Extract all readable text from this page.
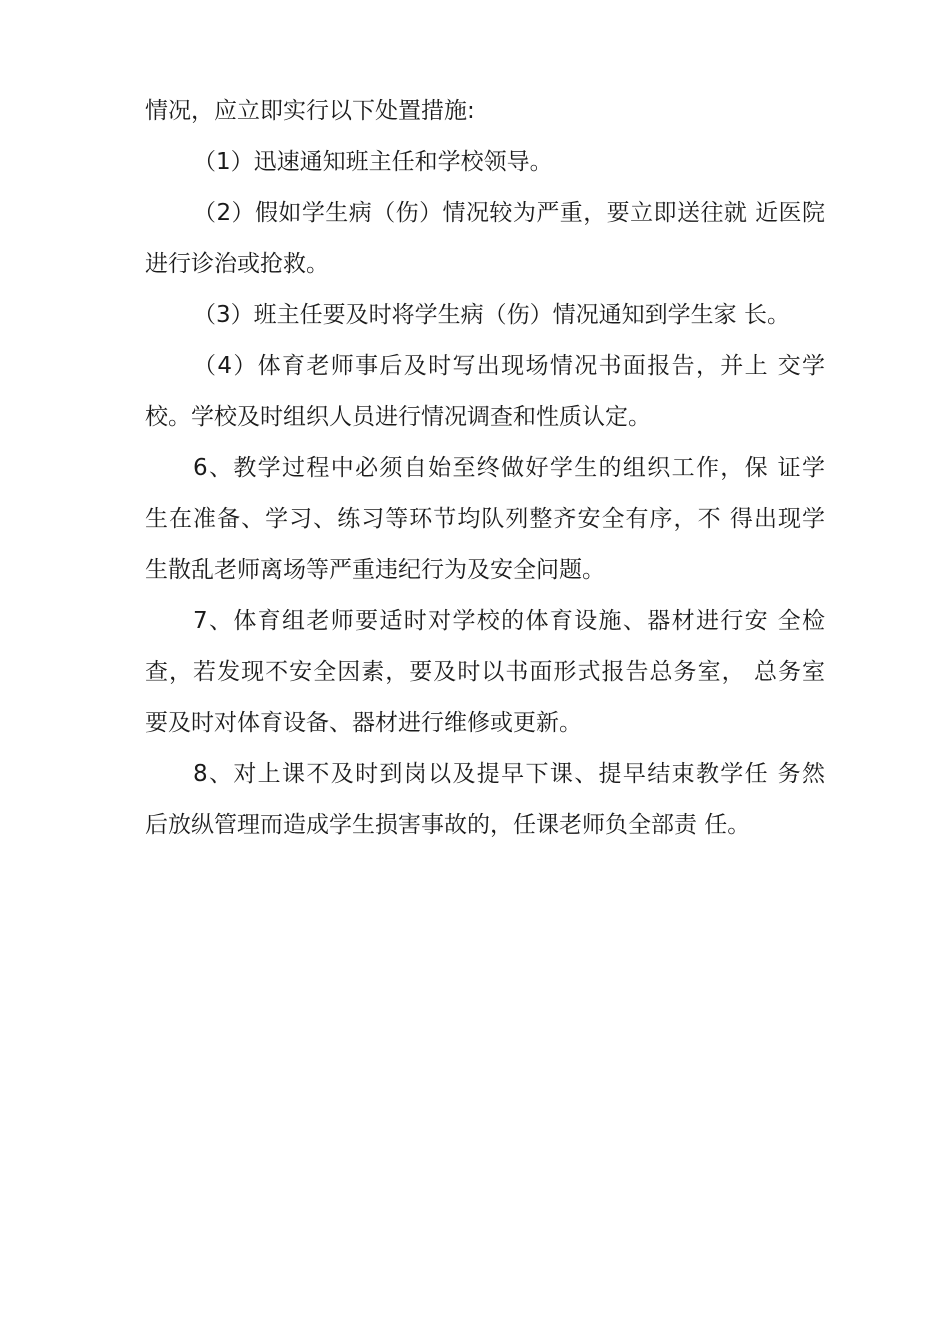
情况，应立即实行以下处置措施:

（1）迅速通知班主任和学校领导。

（2）假如学生病（伤）情况较为严重，要立即送往就 近医院

进行诊治或抢救。

（3）班主任要及时将学生病（伤）情况通知到学生家 长。

（4）体育老师事后及时写出现场情况书面报告，并上 交学

校。学校及时组织人员进行情况调查和性质认定。

6、教学过程中必须自始至终做好学生的组织工作，保 证学

生在准备、学习、练习等环节均队列整齐安全有序，不 得出现学

生散乱老师离场等严重违纪行为及安全问题。

7、体育组老师要适时对学校的体育设施、器材进行安 全检

查，若发现不安全因素，要及时以书面形式报告总务室， 总务室

要及时对体育设备、器材进行维修或更新。

8、对上课不及时到岗以及提早下课、提早结束教学任 务然

后放纵管理而造成学生损害事故的，任课老师负全部责 任。
